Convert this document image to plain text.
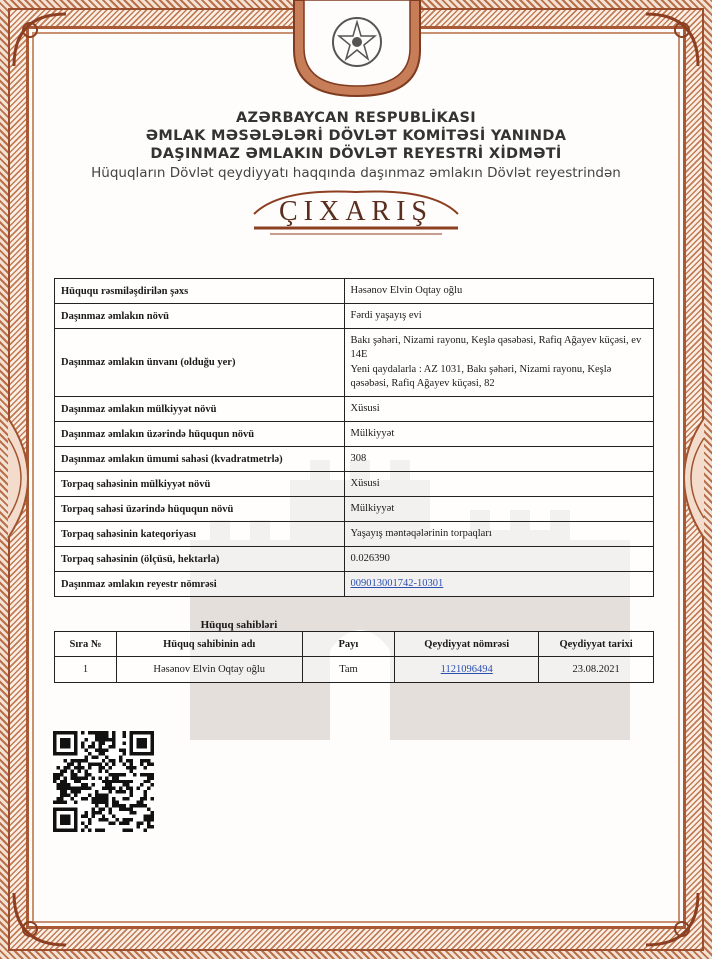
AZƏRBAYCAN RESPUBLİKASI
ƏMLAK MƏSƏLƏLƏRİ DÖVLƏT KOMİTƏSİ YANINDA
DAŞINMAZ ƏMLAKIN DÖVLƏT REYESTRİ XİDMƏTİ
Hüquqların Dövlət qeydiyyatı haqqında daşınmaz əmlakın Dövlət reyestrindən
ÇIXARIŞ
Hüququ rəsmiləşdirilən şəxs	Həsənov Elvin Oqtay oğlu
Daşınmaz əmlakın növü	Fərdi yaşayış evi
Daşınmaz əmlakın ünvanı (olduğu yer)	Bakı şəhəri, Nizami rayonu, Keşlə qəsəbəsi, Rafiq Ağayev küçəsi, ev 14E
Yeni qaydalarla : AZ 1031, Bakı şəhəri, Nizami rayonu, Keşlə qəsəbəsi, Rafiq Ağayev küçəsi, 82

Daşınmaz əmlakın mülkiyyət növü	Xüsusi
Daşınmaz əmlakın üzərində hüququn növü	Mülkiyyət
Daşınmaz əmlakın ümumi sahəsi (kvadratmetrlə)	308
Torpaq sahəsinin mülkiyyət növü	Xüsusi
Torpaq sahəsi üzərində hüququn növü	Mülkiyyət
Torpaq sahəsinin kateqoriyası	Yaşayış məntəqələrinin torpaqları
Torpaq sahəsinin (ölçüsü, hektarla)	0.026390
Daşınmaz əmlakın reyestr nömrəsi	009013001742-10301
Hüquq sahibləri
Sıra №	Hüquq sahibinin adı	Payı	Qeydiyyat nömrəsi	Qeydiyyat tarixi
1	Həsənov Elvin Oqtay oğlu	Tam	1121096494	23.08.2021
